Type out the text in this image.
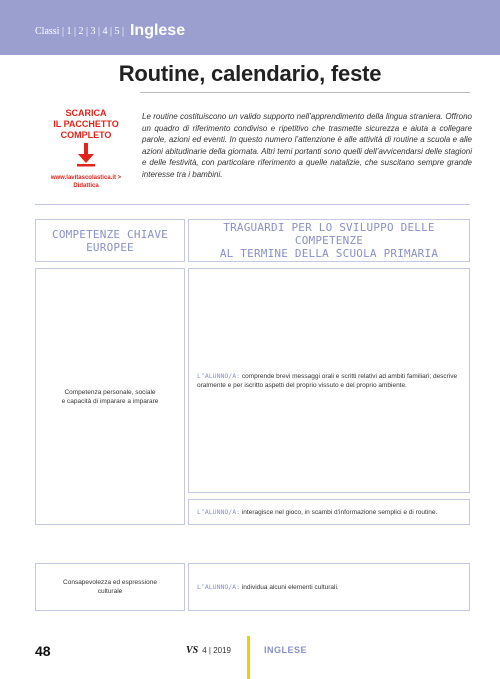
Classi | 1 | 2 | 3 | 4 | 5 | Inglese
Routine, calendario, feste
SCARICA
IL PACCHETTO
COMPLETO
www.lavitascolastica.it >
Didattica
Le routine costituiscono un valido supporto nell’apprendimento della lingua straniera. Offrono un quadro di riferimento condiviso e ripetitivo che trasmette sicurezza e aiuta a collegare parole, azioni ed eventi. In questo numero l’attenzione è alle attività di routine a scuola e alle azioni abitudinarie della giornata. Altri temi portanti sono quelli dell’avvicendarsi delle stagioni e delle festività, con particolare riferimento a quelle natalizie, che suscitano sempre grande interesse tra i bambini.
COMPETENZE CHIAVE
EUROPEE
TRAGUARDI PER LO SVILUPPO DELLE COMPETENZE
AL TERMINE DELLA SCUOLA PRIMARIA
Competenza personale, sociale
e capacità di imparare a imparare

L’ALUNNO/A: comprende brevi messaggi orali e scritti relativi ad ambiti familiari; descrive oralmente e per iscritto aspetti del proprio vissuto e del proprio ambiente.

L’ALUNNO/A: interagisce nel gioco, in scambi d’informazione semplici e di routine.

Consapevolezza ed espressione
culturale

L’ALUNNO/A: individua alcuni elementi culturali.

48	VS 4 | 2019	INGLESE
